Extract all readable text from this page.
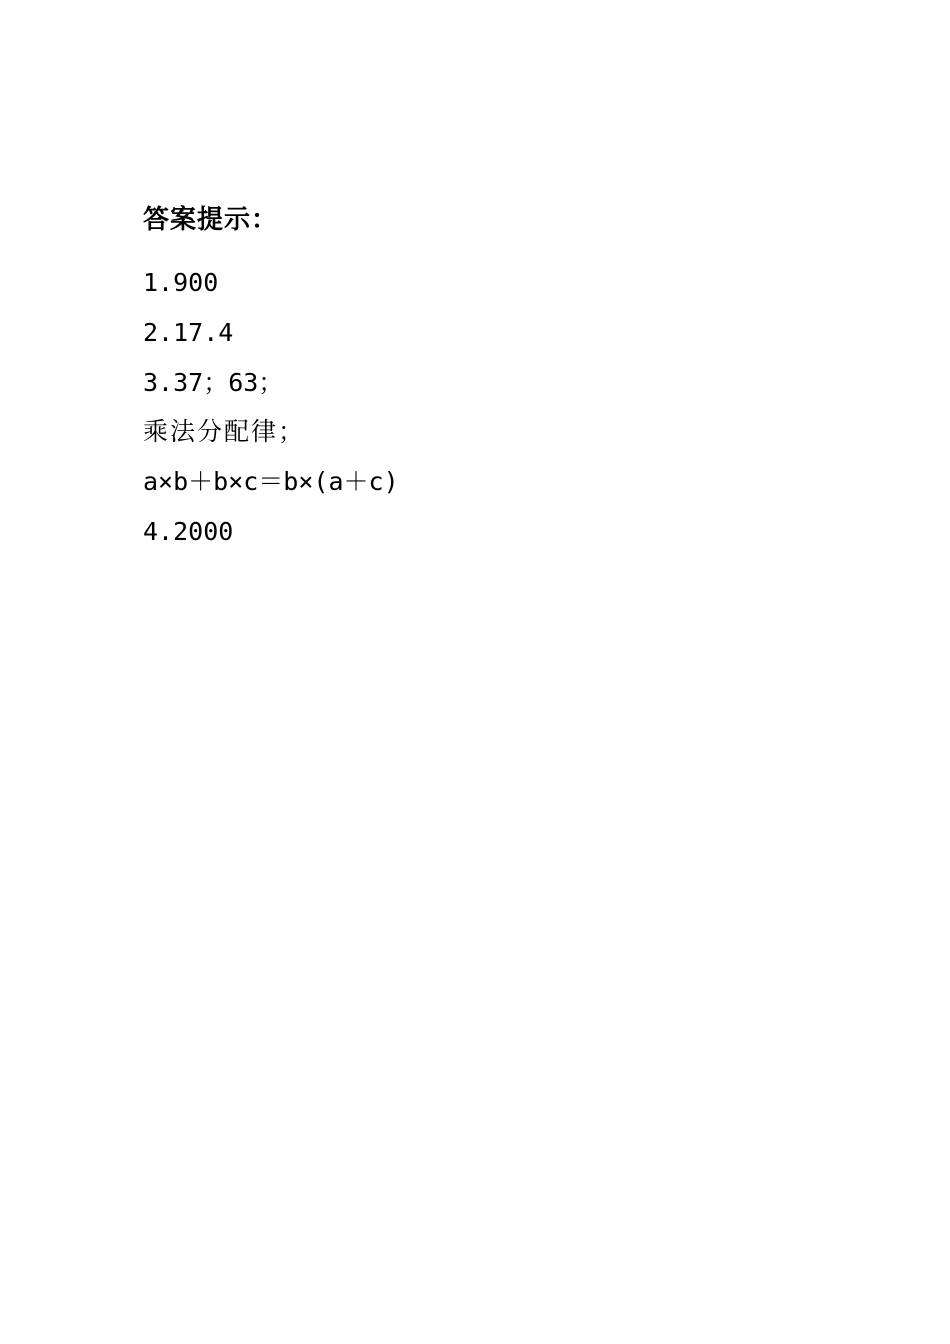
答案提示：
1.900
2.17.4
3.37；63；
乘法分配律；
a×b＋b×c＝b×(a＋c)
4.2000
